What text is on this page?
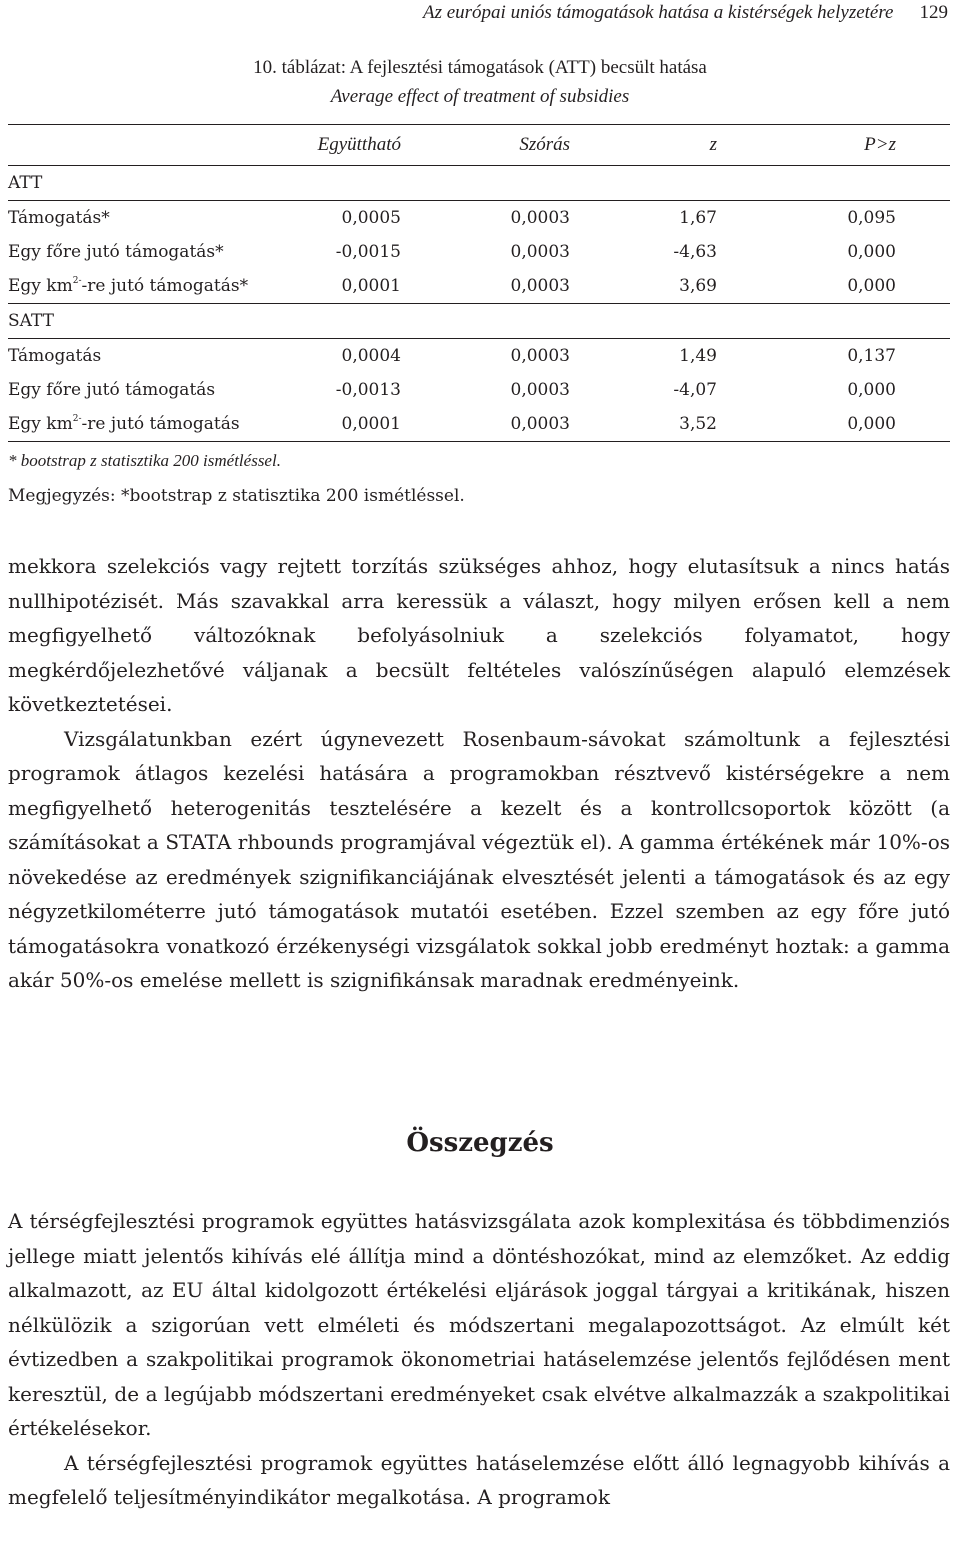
Az európai uniós támogatások hatása a kistérségek helyzetére 129
10. táblázat: A fejlesztési támogatások (ATT) becsült hatása
Average effect of treatment of subsidies
	Együttható	Szórás	z	P>z	
ATT					
Támogatás*	0,0005	0,0003	1,67	0,095	
Egy főre jutó támogatás*	-0,0015	0,0003	-4,63	0,000	
Egy $km^{2-}-re$ jutó támogatás*	0,0001	0,0003	3,69	0,000	
SATT					
Támogatás	0,0004	0,0003	1,49	0,137	
Egy főre jutó támogatás	-0,0013	0,0003	-4,07	0,000	
Egy $km^{2-}-re$ jutó támogatás	0,0001	0,0003	3,52	0,000	
* bootstrap z statisztika 200 ismétléssel.
Megjegyzés: *bootstrap z statisztika 200 ismétléssel.

mekkora szelekciós vagy rejtett torzítás szükséges ahhoz, hogy elutasítsuk a nincs hatás nullhipotézisét. Más szavakkal arra keressük a választ, hogy milyen erősen kell a nem megfigyelhető változóknak befolyásolniuk a szelekciós folyamatot, hogy megkérdőjelezhetővé váljanak a becsült feltételes valószínűségen alapuló elemzések következtetései.

Vizsgálatunkban ezért úgynevezett Rosenbaum-sávokat számoltunk a fejlesztési programok átlagos kezelési hatására a programokban résztvevő kistérségekre a nem megfigyelhető heterogenitás tesztelésére a kezelt és a kontrollcsoportok között (a számításokat a STATA rhbounds programjával végeztük el). A gamma értékének már 10%-os növekedése az eredmények szignifikanciájának elvesztését jelenti a támogatások és az egy négyzetkilométerre jutó támogatások mutatói esetében. Ezzel szemben az egy főre jutó támogatásokra vonatkozó érzékenységi vizsgálatok sokkal jobb eredményt hoztak: a gamma akár 50%-os emelése mellett is szignifikánsak maradnak eredményeink.

Összegzés

A térségfejlesztési programok együttes hatásvizsgálata azok komplexitása és többdimenziós jellege miatt jelentős kihívás elé állítja mind a döntéshozókat, mind az elemzőket. Az eddig alkalmazott, az EU által kidolgozott értékelési eljárások joggal tárgyai a kritikának, hiszen nélkülözik a szigorúan vett elméleti és módszertani megalapozottságot. Az elmúlt két évtizedben a szakpolitikai programok ökonometriai hatáselemzése jelentős fejlődésen ment keresztül, de a legújabb módszertani eredményeket csak elvétve alkalmazzák a szakpolitikai értékelésekor.

A térségfejlesztési programok együttes hatáselemzése előtt álló legnagyobb kihívás a megfelelő teljesítményindikátor megalkotása. A programok
